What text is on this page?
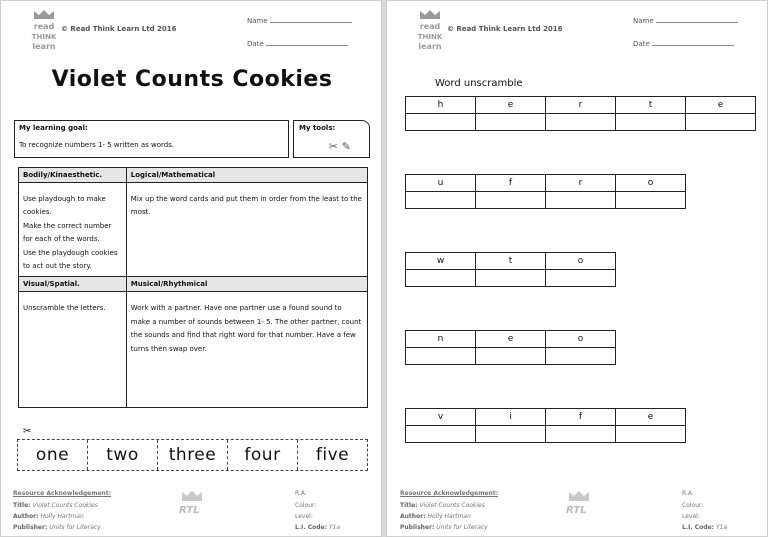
read
THINK
learn
© Read Think Learn Ltd 2016
Name
Date
Violet Counts Cookies
My learning goal:
To recognize numbers 1- 5 written as words.
My tools:
✂ ✎
Bodily/Kinaesthetic.	Logical/Mathematical

Use playdough to make cookies.
Make the correct number for each of the words.
Use the playdough cookies to act out the story.	Mix up the word cards and put them in order from the least to the most.

Visual/Spatial.	Musical/Rhythmical

Unscramble the letters.	Work with a partner. Have one partner use a found sound to make a number of sounds between 1- 5. The other partner, count the sounds and find that right word for that number. Have a few turns then swap over.
✂
one	two	three	four	five
Resource Acknowledgement:
Title: Violet Counts Cookies
Author: Holly Hartman
Publisher: Units for Literacy
RTL
R.A:
Colour:
Level:
L.I. Code: Y1a
read
THINK
learn
© Read Think Learn Ltd 2016
Name
Date
Word unscramble
h	e	r	t	e

u	f	r	o

w	t	o

n	e	o

v	i	f	e

Resource Acknowledgement:
Title: Violet Counts Cookies
Author: Holly Hartman
Publisher: Units for Literacy
RTL
R.A:
Colour:
Level:
L.I. Code: Y1a
